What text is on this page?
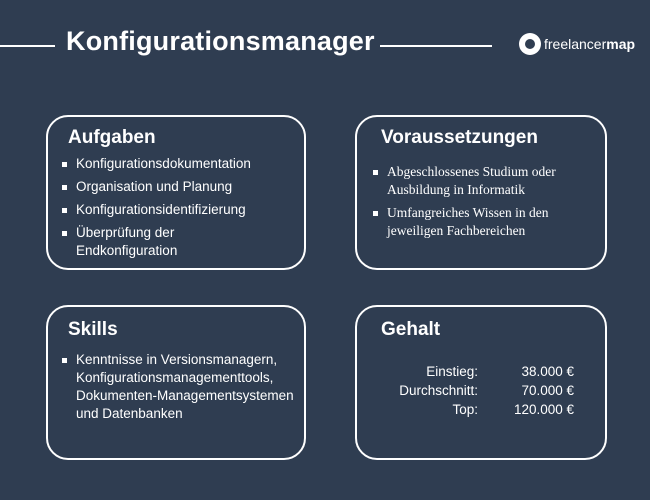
Konfigurationsmanager	freelancer map
Aufgaben
Konfigurationsdokumentation
Organisation und Planung
Konfigurationsidentifizierung
Überprüfung der Endkonfiguration
Voraussetzungen
Abgeschlossenes Studium oder Ausbildung in Informatik
Umfangreiches Wissen in den jeweiligen Fachbereichen
Skills
Kenntnisse in Versionsmanagern, Konfigurationsmanagementtools, Dokumenten-Managementsystemen und Datenbanken
Gehalt
Einstieg:	38.000 €
Durchschnitt:	70.000 €
Top:	120.000 €
